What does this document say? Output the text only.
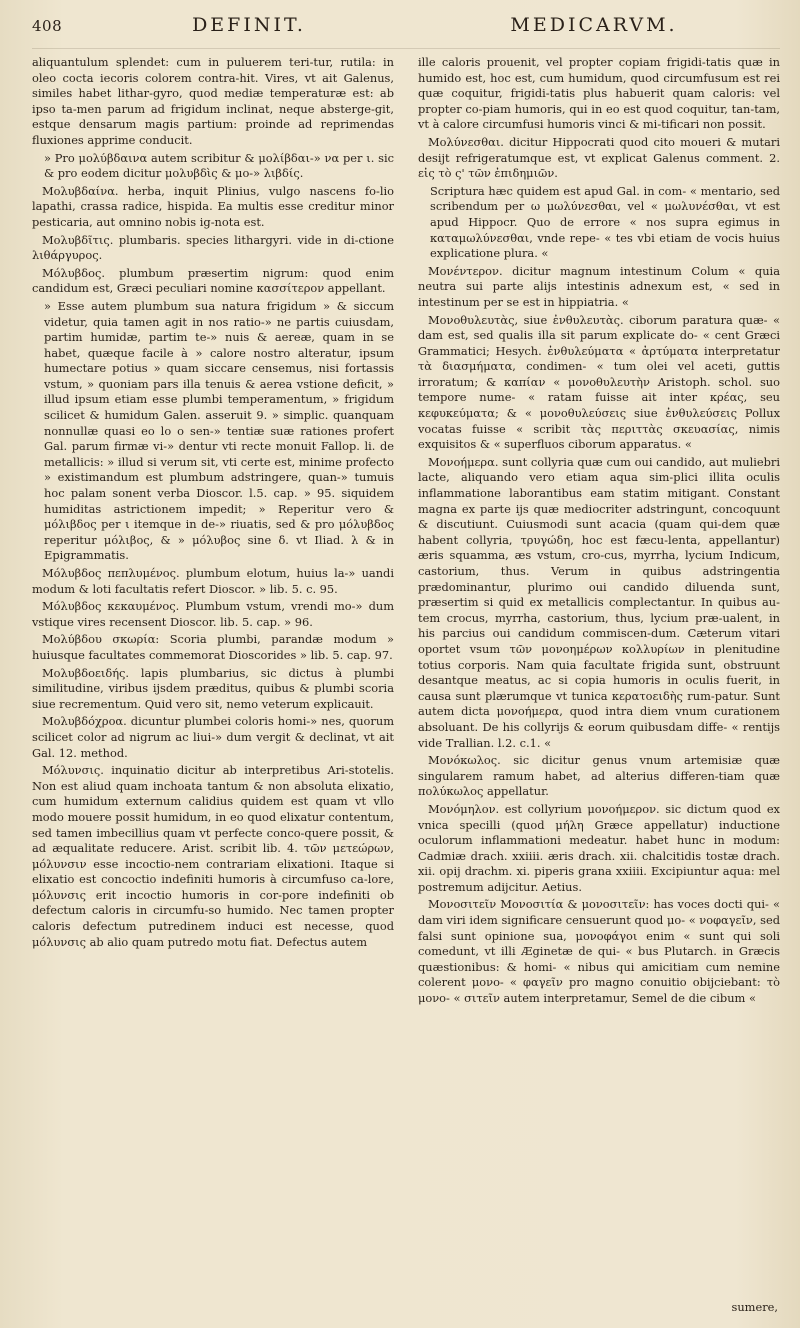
408	DEFINIT.	MEDICARVM.

aliquantulum splendet: cum in puluerem teri-tur, rutila: in oleo cocta iecoris colorem contra-hit. Vires, vt ait Galenus, similes habet lithar-gyro, quod mediæ temperaturæ est: ab ipso ta-men parum ad frigidum inclinat, neque absterge-git, estque densarum magis partium: proinde ad reprimendas fluxiones apprime conducit.

» Pro μολύβδαινα autem scribitur & μολίβδαι-» να per ι. sic & pro eodem dicitur μολυβδὶς & μο-» λιβδίς.

Μολυβδαίνα. herba, inquit Plinius, vulgo nascens fo-lio lapathi, crassa radice, hispida. Ea multis esse creditur minor pesticaria, aut omnino nobis ig-nota est.

Μολυβδῖτις. plumbaris. species lithargyri. vide in di-ctione λιθάργυρος.

Μόλυβδος. plumbum præsertim nigrum: quod enim candidum est, Græci peculiari nomine κασσίτερον appellant.

» Esse autem plumbum sua natura frigidum » & siccum videtur, quia tamen agit in nos ratio-» ne partis cuiusdam, partim humidæ, partim te-» nuis & aereæ, quam in se habet, quæque facile à » calore nostro alteratur, ipsum humectare potius » quam siccare censemus, nisi fortassis vstum, » quoniam pars illa tenuis & aerea vstione deficit, » illud ipsum etiam esse plumbi temperamentum, » frigidum scilicet & humidum Galen. asseruit 9. » simplic. quanquam nonnullæ quasi eo lo o sen-» tentiæ suæ rationes profert Gal. parum firmæ vi-» dentur vti recte monuit Fallop. li. de metallicis: » illud si verum sit, vti certe est, minime profecto » existimandum est plumbum adstringere, quan-» tumuis hoc palam sonent verba Dioscor. l.5. cap. » 95. siquidem humiditas astrictionem impedit; » Reperitur vero & μόλιβδος per ι itemque in de-» riuatis, sed & pro μόλυβδος reperitur μόλιβος, & » μόλυβος sine δ. vt Iliad. λ & in Epigrammatis.

Μόλυβδος πεπλυμένος. plumbum elotum, huius la-» uandi modum & loti facultatis refert Dioscor. » lib. 5. c. 95.

Μόλυβδος κεκαυμένος. Plumbum vstum, vrendi mo-» dum vstique vires recensent Dioscor. lib. 5. cap. » 96.

Μολύβδου σκωρία: Scoria plumbi, parandæ modum » huiusque facultates commemorat Dioscorides » lib. 5. cap. 97.

Μολυβδοειδής. lapis plumbarius, sic dictus à plumbi similitudine, viribus ijsdem præditus, quibus & plumbi scoria siue recrementum. Quid vero sit, nemo veterum explicauit.

Μολυβδόχροα. dicuntur plumbei coloris homi-» nes, quorum scilicet color ad nigrum ac liui-» dum vergit & declinat, vt ait Gal. 12. method.

Μόλυνσις. inquinatio dicitur ab interpretibus Ari-stotelis. Non est aliud quam inchoata tantum & non absoluta elixatio, cum humidum externum calidius quidem est quam vt vllo modo mouere possit humidum, in eo quod elixatur contentum, sed tamen imbecillius quam vt perfecte conco-quere possit, & ad æqualitate reducere. Arist. scribit lib. 4. τῶν μετεώρων, μόλυνσιν esse incoctio-nem contrariam elixationi. Itaque si elixatio est concoctio indefiniti humoris à circumfuso ca-lore, μόλυνσις erit incoctio humoris in cor-pore indefiniti ob defectum caloris in circumfu-so humido. Nec tamen propter caloris defectum putredinem induci est necesse, quod μόλυνσις ab alio quam putredo motu fiat. Defectus autem

ille caloris prouenit, vel propter copiam frigidi-tatis quæ in humido est, hoc est, cum humidum, quod circumfusum est rei quæ coquitur, frigidi-tatis plus habuerit quam caloris: vel propter co-piam humoris, qui in eo est quod coquitur, tan-tam, vt à calore circumfusi humoris vinci & mi-tificari non possit.

Μολύνεσθαι. dicitur Hippocrati quod cito moueri & mutari desijt refrigeratumque est, vt explicat Galenus comment. 2. εἰς τὸ ς' τῶν ἐπιδημιῶν.

Scriptura hæc quidem est apud Gal. in com- « mentario, sed scribendum per ω μωλύνεσθαι, vel « μωλυνέσθαι, vt est apud Hippocr. Quo de errore « nos supra egimus in καταμωλύνεσθαι, vnde repe- « tes vbi etiam de vocis huius explicatione plura. «

Μονέντερον. dicitur magnum intestinum Colum « quia neutra sui parte alijs intestinis adnexum est, « sed in intestinum per se est in hippiatria. «

Μονοθυλευτὰς, siue ἐνθυλευτὰς. ciborum paratura quæ- « dam est, sed qualis illa sit parum explicate do- « cent Græci Grammatici; Hesych. ἐνθυλεύματα « ἀρτύματα interpretatur τὰ διασμήματα, condimen- « tum olei vel aceti, guttis irroratum; & καπίαν « μονοθυλευτὴν Aristoph. schol. suo tempore nume- « ratam fuisse ait inter κρέας, seu κεφυκεύματα; & « μονοθυλεύσεις siue ἐνθυλεύσεις Pollux vocatas fuisse « scribit τὰς περιττὰς σκευασίας, nimis exquisitos & « superfluos ciborum apparatus. «

Μονοήμερα. sunt collyria quæ cum oui candido, aut muliebri lacte, aliquando vero etiam aqua sim-plici illita oculis inflammatione laborantibus eam statim mitigant. Constant magna ex parte ijs quæ mediocriter adstringunt, concoquunt & discutiunt. Cuiusmodi sunt acacia (quam qui-dem quæ habent collyria, τρυγώδη, hoc est fæcu-lenta, appellantur) æris squamma, æs vstum, cro-cus, myrrha, lycium Indicum, castorium, thus. Verum in quibus adstringentia prædominantur, plurimo oui candido diluenda sunt, præsertim si quid ex metallicis complectantur. In quibus au-tem crocus, myrrha, castorium, thus, lycium præ-ualent, in his parcius oui candidum commiscen-dum. Cæterum vitari oportet vsum τῶν μονοημέρων κολλυρίων in plenitudine totius corporis. Nam quia facultate frigida sunt, obstruunt desantque meatus, ac si copia humoris in oculis fuerit, in causa sunt plærumque vt tunica κερατοειδὴς rum-patur. Sunt autem dicta μονοήμερα, quod intra diem vnum curationem absoluant. De his collyrijs & eorum quibusdam diffe- « rentijs vide Trallian. l.2. c.1. «

Μονόκωλος. sic dicitur genus vnum artemisiæ quæ singularem ramum habet, ad alterius differen-tiam quæ πολύκωλος appellatur.

Μονόμηλον. est collyrium μονοήμερον. sic dictum quod ex vnica specilli (quod μήλη Græce appellatur) inductione oculorum inflammationi medeatur. habet hunc in modum: Cadmiæ drach. xxiiii. æris drach. xii. chalcitidis tostæ drach. xii. opij drachm. xi. piperis grana xxiiii. Excipiuntur aqua: mel postremum adijcitur. Aetius.

Μονοσιτεῖν Μονοσιτία & μονοσιτεῖν: has voces docti qui- « dam viri idem significare censuerunt quod μο- « νοφαγεῖν, sed falsi sunt opinione sua, μονοφάγοι enim « sunt qui soli comedunt, vt illi Æginetæ de qui- « bus Plutarch. in Græcis quæstionibus: & homi- « nibus qui amicitiam cum nemine colerent μονο- « φαγεῖν pro magno conuitio obijciebant: τὸ μονο- « σιτεῖν autem interpretamur, Semel de die cibum «

sumere,
